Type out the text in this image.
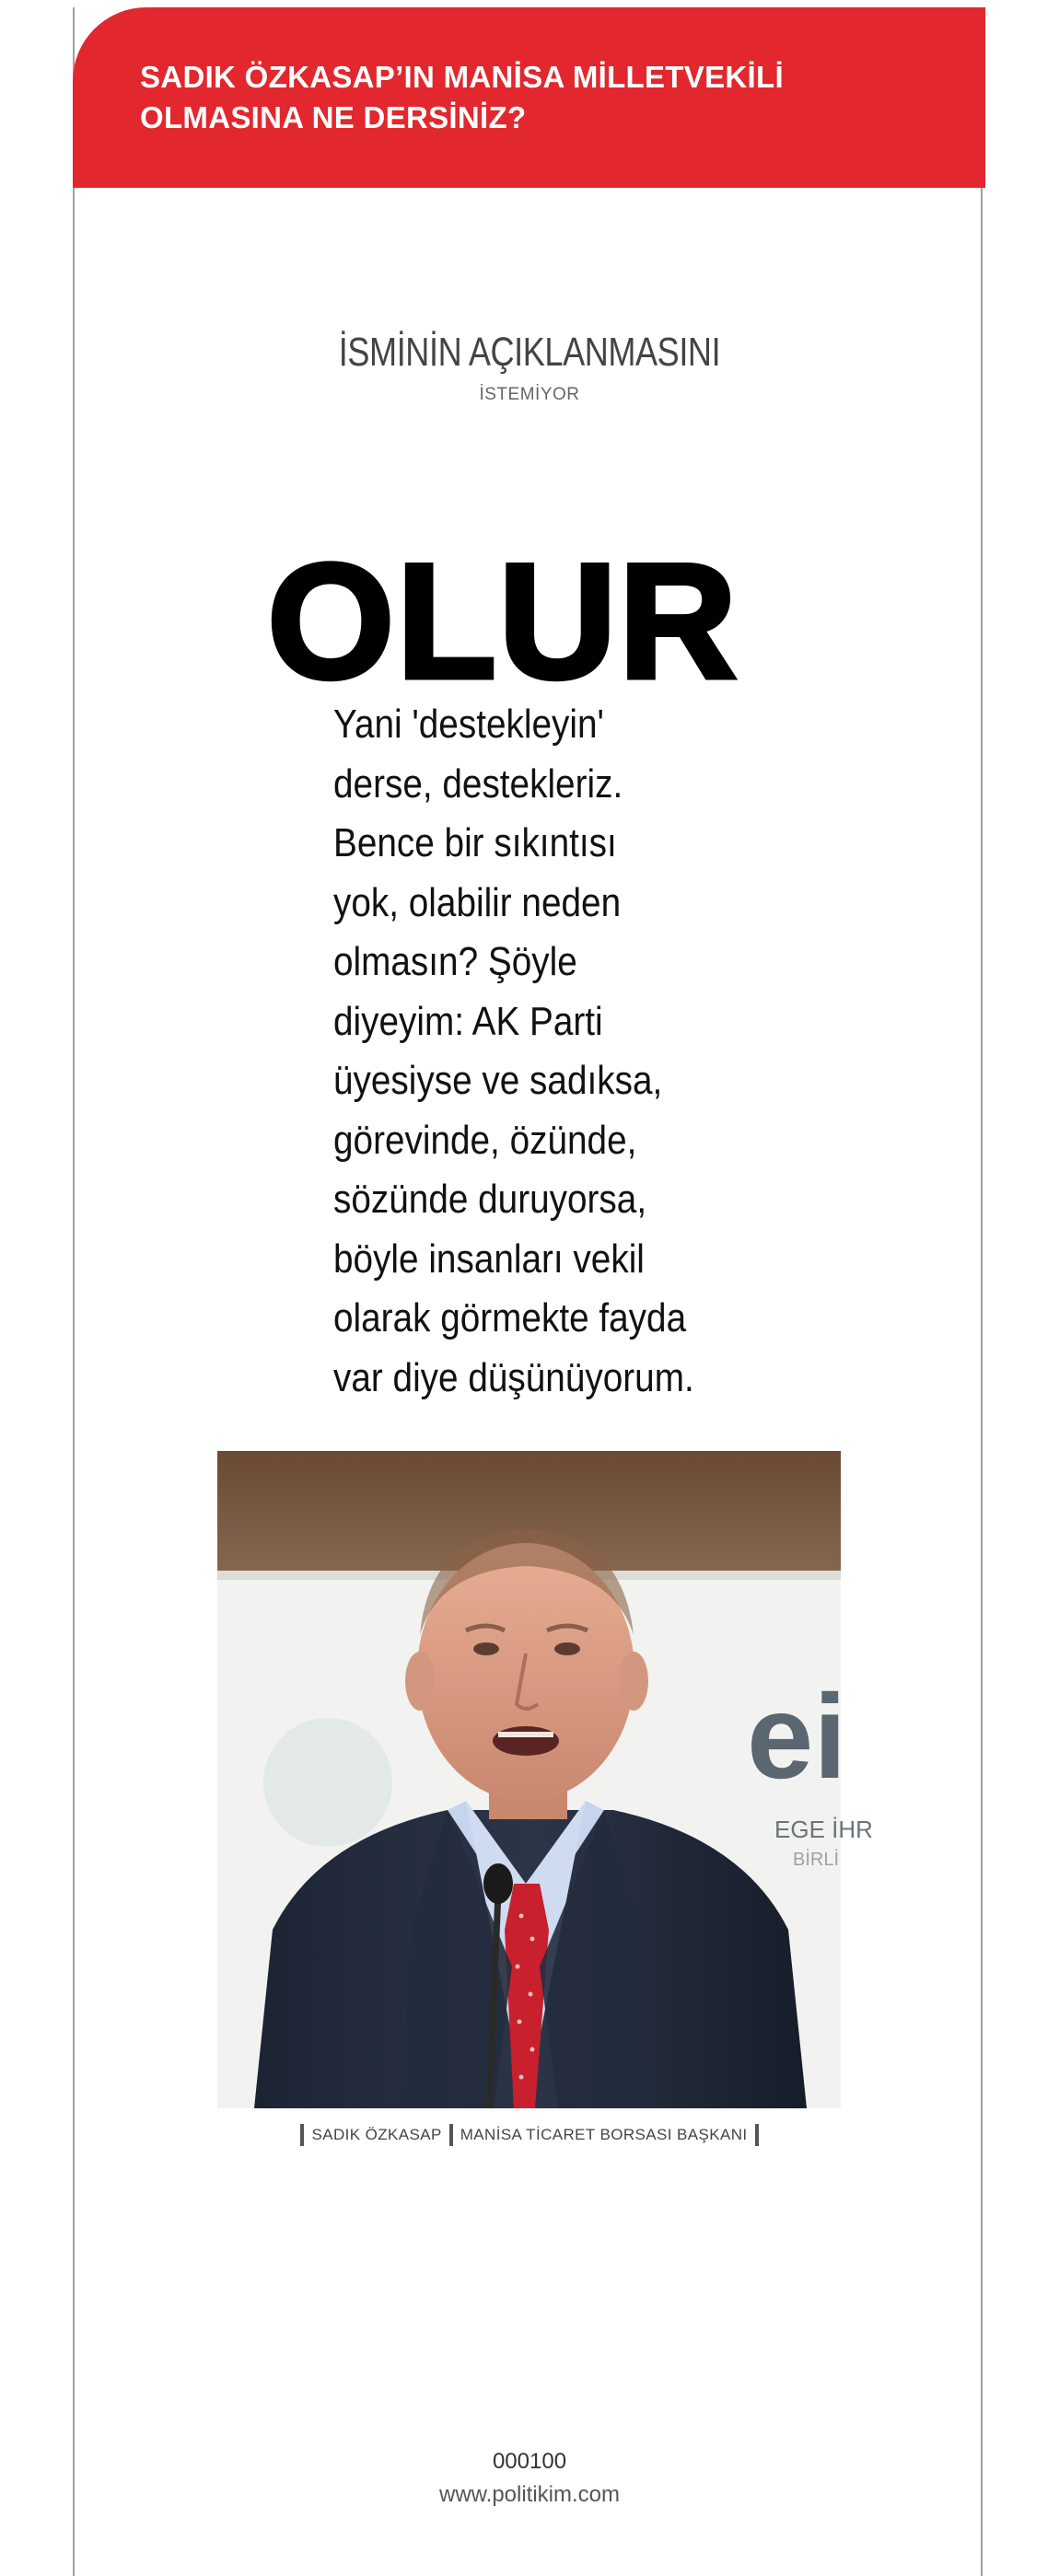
SADIK ÖZKASAP’IN MANİSA MİLLETVEKİLİ
OLMASINA NE DERSİNİZ?
İSMİNİN AÇIKLANMASINI
İSTEMİYOR
OLUR
Yani 'destekleyin'
derse, destekleriz.
Bence bir sıkıntısı
yok, olabilir neden
olmasın? Şöyle
diyeyim: AK Parti
üyesiyse ve sadıksa,
görevinde, özünde,
sözünde duruyorsa,
böyle insanları vekil
olarak görmekte fayda
var diye düşünüyorum.
ei
EGE İHR
BİRLİ
SADIK ÖZKASAP MANİSA TİCARET BORSASI BAŞKANI
000100
www.politikim.com
